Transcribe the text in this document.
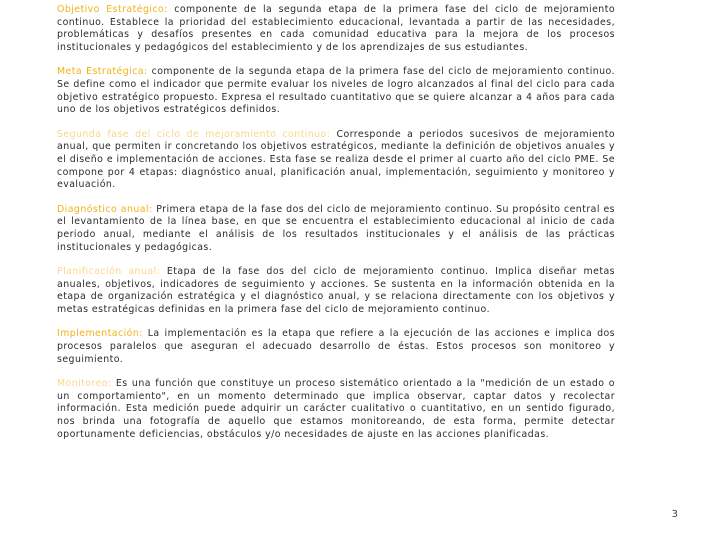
Objetivo Estratégico: componente de la segunda etapa de la primera fase del ciclo de mejoramiento continuo. Establece la prioridad del establecimiento educacional, levantada a partir de las necesidades, problemáticas y desafíos presentes en cada comunidad educativa para la mejora de los procesos institucionales y pedagógicos del establecimiento y de los aprendizajes de sus estudiantes.

Meta Estratégica: componente de la segunda etapa de la primera fase del ciclo de mejoramiento continuo. Se define como el indicador que permite evaluar los niveles de logro alcanzados al final del ciclo para cada objetivo estratégico propuesto. Expresa el resultado cuantitativo que se quiere alcanzar a 4 años para cada uno de los objetivos estratégicos definidos.

Segunda fase del ciclo de mejoramiento continuo: Corresponde a periodos sucesivos de mejoramiento anual, que permiten ir concretando los objetivos estratégicos, mediante la definición de objetivos anuales y el diseño e implementación de acciones. Esta fase se realiza desde el primer al cuarto año del ciclo PME. Se compone por 4 etapas: diagnóstico anual, planificación anual, implementación, seguimiento y monitoreo y evaluación.

Diagnóstico anual: Primera etapa de la fase dos del ciclo de mejoramiento continuo. Su propósito central es el levantamiento de la línea base, en que se encuentra el establecimiento educacional al inicio de cada periodo anual, mediante el análisis de los resultados institucionales y el análisis de las prácticas institucionales y pedagógicas.

Planificación anual: Etapa de la fase dos del ciclo de mejoramiento continuo. Implica diseñar metas anuales, objetivos, indicadores de seguimiento y acciones. Se sustenta en la información obtenida en la etapa de organización estratégica y el diagnóstico anual, y se relaciona directamente con los objetivos y metas estratégicas definidas en la primera fase del ciclo de mejoramiento continuo.

Implementación: La implementación es la etapa que refiere a la ejecución de las acciones e implica dos procesos paralelos que aseguran el adecuado desarrollo de éstas. Estos procesos son monitoreo y seguimiento.

Monitoreo: Es una función que constituye un proceso sistemático orientado a la "medición de un estado o un comportamiento", en un momento determinado que implica observar, captar datos y recolectar información. Esta medición puede adquirir un carácter cualitativo o cuantitativo, en un sentido figurado, nos brinda una fotografía de aquello que estamos monitoreando, de esta forma, permite detectar oportunamente deficiencias, obstáculos y/o necesidades de ajuste en las acciones planificadas.

3
